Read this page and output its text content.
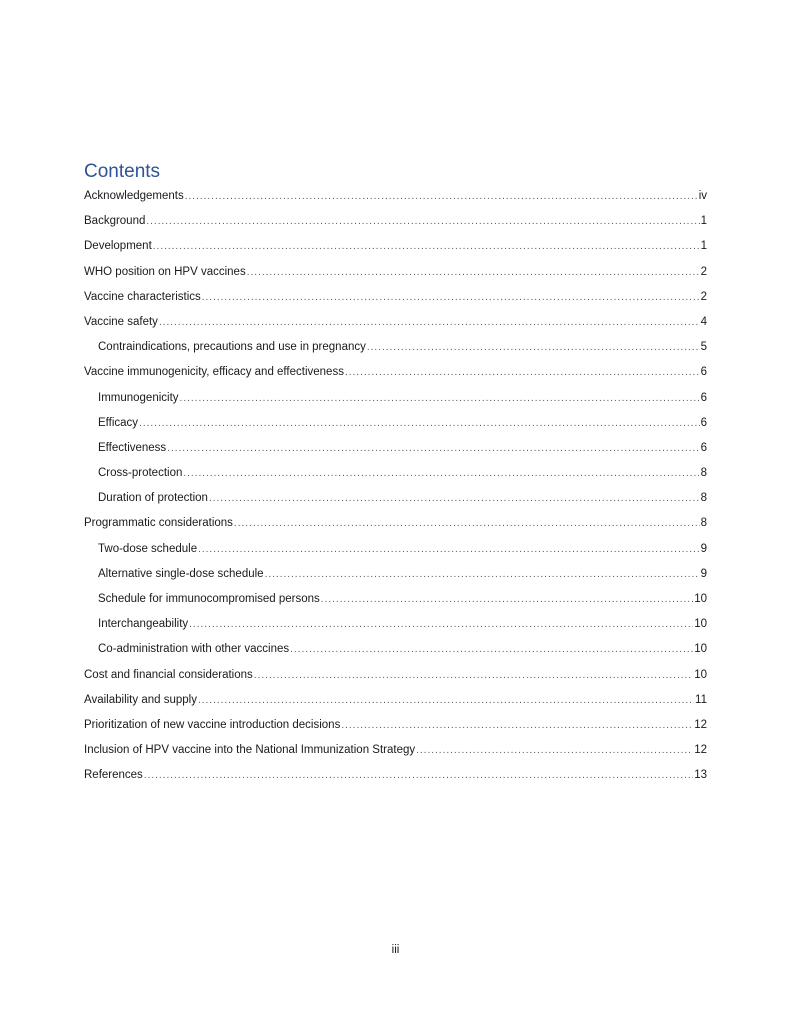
Contents
Acknowledgements .....	iv
Background .....	1
Development .....	1
WHO position on HPV vaccines .....	2
Vaccine characteristics .....	2
Vaccine safety .....	4
Contraindications, precautions and use in pregnancy .....	5
Vaccine immunogenicity, efficacy and effectiveness .....	6
Immunogenicity .....	6
Efficacy .....	6
Effectiveness .....	6
Cross-protection .....	8
Duration of protection .....	8
Programmatic considerations .....	8
Two-dose schedule .....	9
Alternative single-dose schedule .....	9
Schedule for immunocompromised persons .....	10
Interchangeability .....	10
Co-administration with other vaccines .....	10
Cost and financial considerations .....	10
Availability and supply .....	11
Prioritization of new vaccine introduction decisions .....	12
Inclusion of HPV vaccine into the National Immunization Strategy .....	12
References .....	13
iii
